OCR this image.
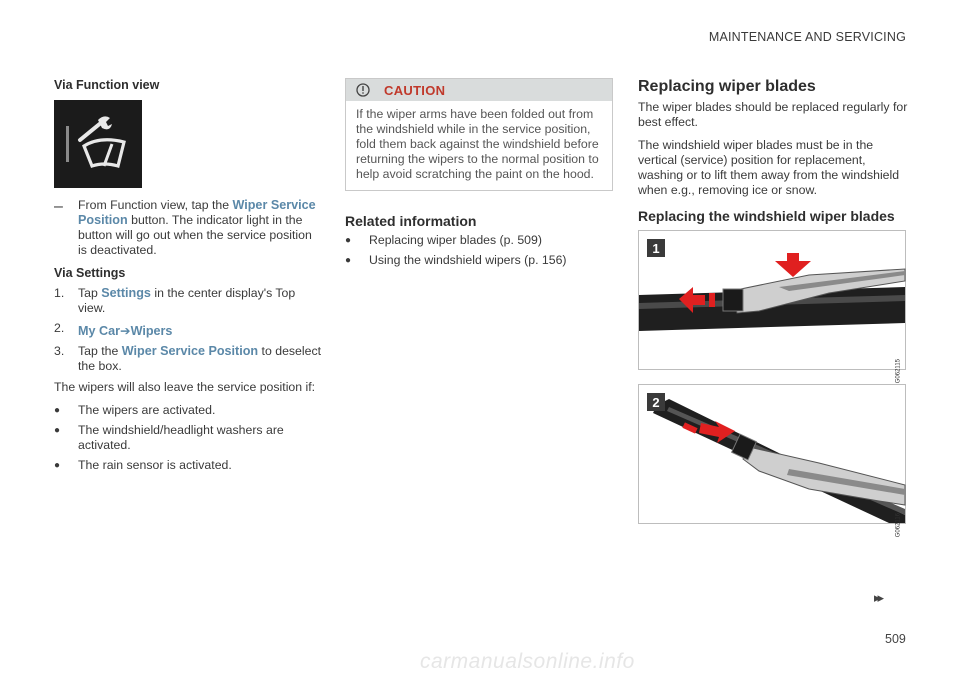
MAINTENANCE AND SERVICING
Via Function view
–	From Function view, tap the Wiper Service Position button. The indicator light in the button will go out when the service position is deactivated.

Via Settings
1.	Tap Settings in the center display's Top view.

2.	My Car➔Wipers

3.	Tap the Wiper Service Position to deselect the box.

The wipers will also leave the service position if:

●	The wipers are activated.
●	The windshield/headlight washers are activated.
●	The rain sensor is activated.
CAUTION

If the wiper arms have been folded out from the windshield while in the service position, fold them back against the windshield before returning the wipers to the normal position to help avoid scratching the paint on the hood.

Related information
●	Replacing wiper blades (p. 509)
●	Using the windshield wipers (p. 156)
Replacing wiper blades

The wiper blades should be replaced regularly for best effect.

The windshield wiper blades must be in the vertical (service) position for replacement, washing or to lift them away from the windshield when e.g., removing ice or snow.

Replacing the windshield wiper blades
1
G062115
2
G062116
▸▸
509
carmanualsonline.info
